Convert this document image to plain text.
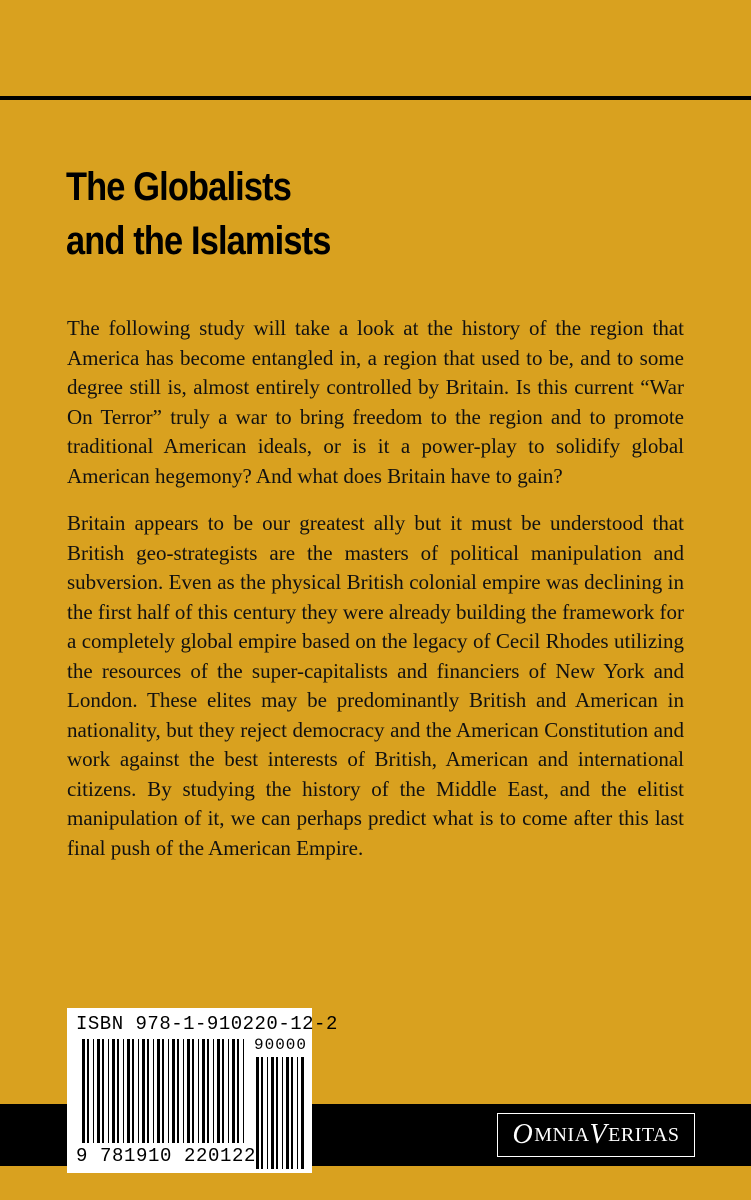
The Globalists
and the Islamists

The following study will take a look at the history of the region that America has become entangled in, a region that used to be, and to some degree still is, almost entirely controlled by Britain. Is this current “War On Terror” truly a war to bring freedom to the region and to promote traditional American ideals, or is it a power-play to solidify global American hegemony? And what does Britain have to gain?

Britain appears to be our greatest ally but it must be understood that British geo-strategists are the masters of political manipulation and subversion. Even as the physical British colonial empire was declining in the first half of this century they were already building the framework for a completely global empire based on the legacy of Cecil Rhodes utilizing the resources of the super-capitalists and financiers of New York and London. These elites may be predominantly British and American in nationality, but they reject democracy and the American Constitution and work against the best interests of British, American and international citizens. By studying the history of the Middle East, and the elitist manipulation of it, we can perhaps predict what is to come after this last final push of the American Empire.

ISBN 978-1-910220-12-2
90000
9 781910 220122
O MNIA V ERITAS
